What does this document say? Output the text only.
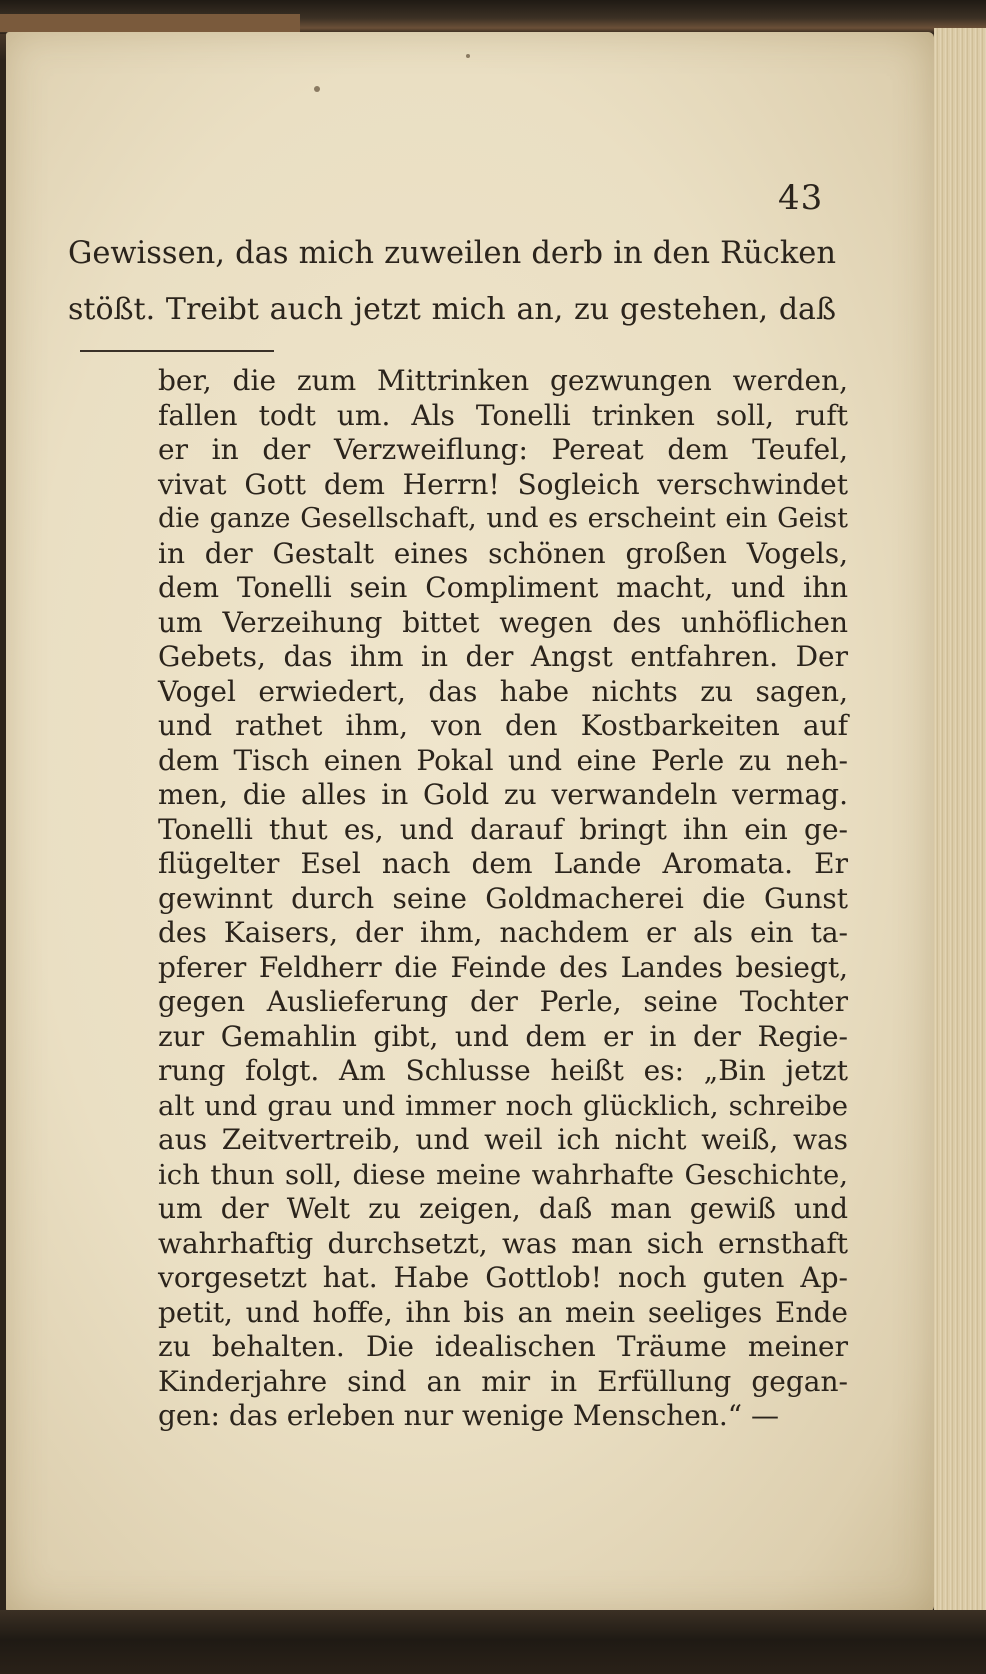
43
Gewissen, das mich zuweilen derb in den Rücken
stößt. Treibt auch jetzt mich an, zu gestehen, daß
ber, die zum Mittrinken gezwungen werden,
fallen todt um. Als Tonelli trinken soll, ruft
er in der Verzweiflung: Pereat dem Teufel,
vivat Gott dem Herrn! Sogleich verschwindet
die ganze Gesellschaft, und es erscheint ein Geist
in der Gestalt eines schönen großen Vogels,
dem Tonelli sein Compliment macht, und ihn
um Verzeihung bittet wegen des unhöflichen
Gebets, das ihm in der Angst entfahren. Der
Vogel erwiedert, das habe nichts zu sagen,
und rathet ihm, von den Kostbarkeiten auf
dem Tisch einen Pokal und eine Perle zu neh-
men, die alles in Gold zu verwandeln vermag.
Tonelli thut es, und darauf bringt ihn ein ge-
flügelter Esel nach dem Lande Aromata. Er
gewinnt durch seine Goldmacherei die Gunst
des Kaisers, der ihm, nachdem er als ein ta-
pferer Feldherr die Feinde des Landes besiegt,
gegen Auslieferung der Perle, seine Tochter
zur Gemahlin gibt, und dem er in der Regie-
rung folgt. Am Schlusse heißt es: „Bin jetzt
alt und grau und immer noch glücklich, schreibe
aus Zeitvertreib, und weil ich nicht weiß, was
ich thun soll, diese meine wahrhafte Geschichte,
um der Welt zu zeigen, daß man gewiß und
wahrhaftig durchsetzt, was man sich ernsthaft
vorgesetzt hat. Habe Gottlob! noch guten Ap-
petit, und hoffe, ihn bis an mein seeliges Ende
zu behalten. Die idealischen Träume meiner
Kinderjahre sind an mir in Erfüllung gegan-
gen: das erleben nur wenige Menschen.“ —
